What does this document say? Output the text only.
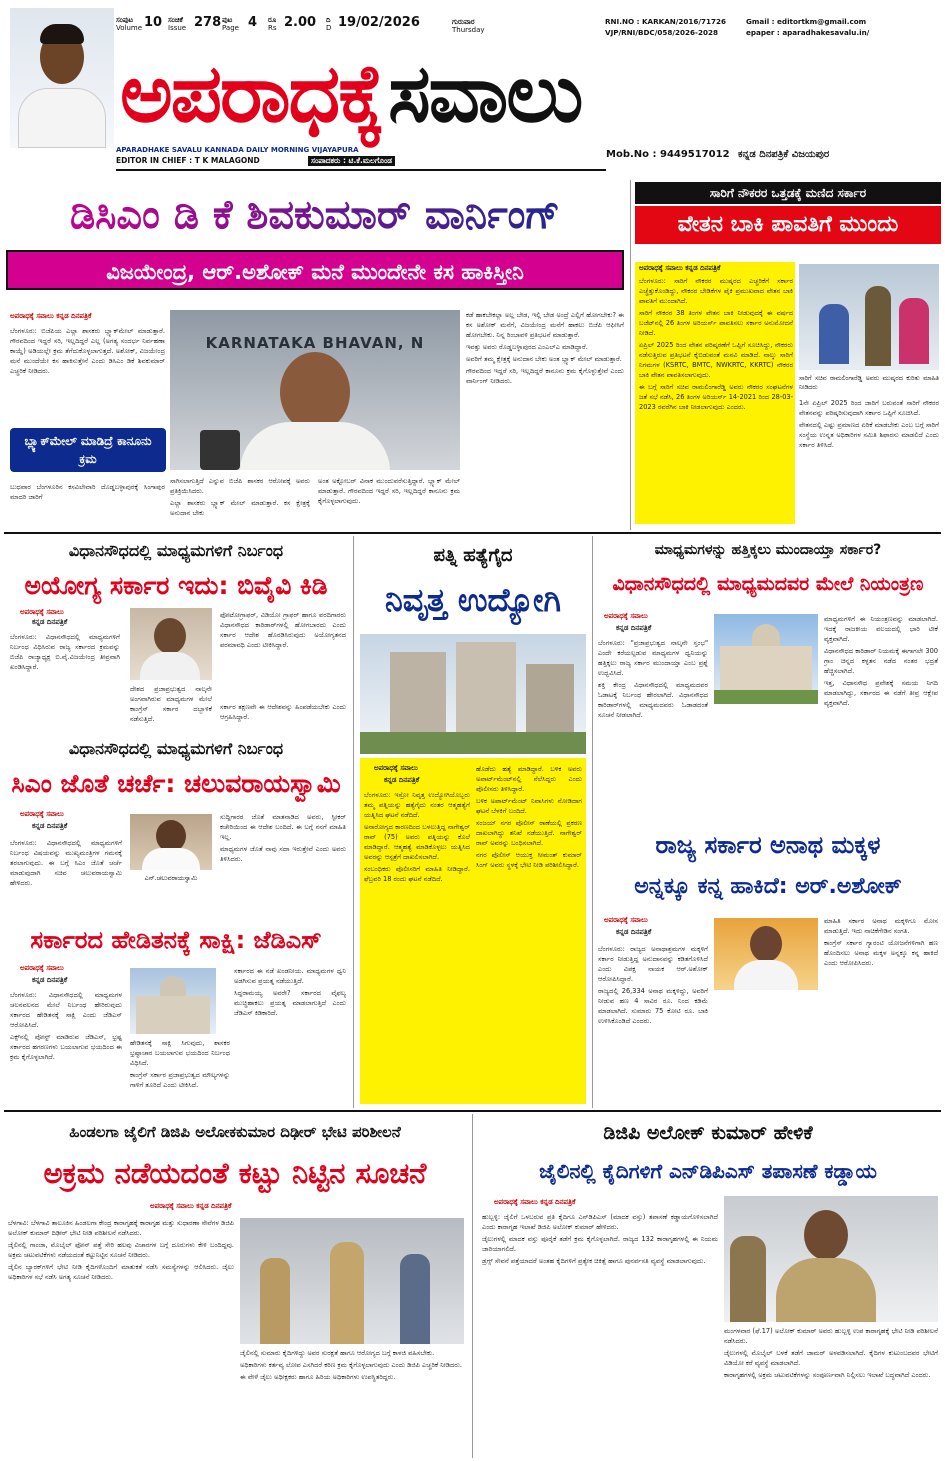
ಸಂಪುಟ
Volume 10 ಸಂಚಿಕೆ
Issue 278 ಪುಟ
Page 4 ರೂ
Rs 2.00 ದಿ
D 19/02/2026	ಗುರುವಾರ
Thursday
ಅಪರಾಧಕ್ಕೆ ಸವಾಲು
RNI.NO : KARKAN/2016/71726
VJP/RNI/BDC/058/2026-2028
Gmail : editortkm@gmail.com
epaper : aparadhakesavalu.in/
APARADHAKE SAVALU KANNADA DAILY MORNING VIJAYAPURA
EDITOR IN CHIEF : T K MALAGOND	ಸಂಪಾದಕರು : ಟಿ.ಕೆ.ಮಲಗೊಂಡ
Mob.No : 9449517012 ಕನ್ನಡ ದಿನಪತ್ರಿಕೆ ವಿಜಯಪುರ
ಡಿಸಿಎಂ ಡಿ ಕೆ ಶಿವಕುಮಾರ್ ವಾರ್ನಿಂಗ್
ವಿಜಯೇಂದ್ರ, ಆರ್.ಅಶೋಕ್ ಮನೆ ಮುಂದೇನೇ ಕಸ ಹಾಕಿಸ್ತೀನಿ
ಅಪರಾಧಕ್ಕೆ ಸವಾಲು ಕನ್ನಡ ದಿನಪತ್ರಿಕೆ

ಬೆಂಗಳೂರು: ಬಿಜೆಪಿಯ ಎಲ್ಲಾ ಶಾಸಕರು ಬ್ಲ್ಯಾಕ್‌ಮೇಲ್ ಮಾಡುತ್ತಾರೆ. ಗೌರವದಿಂದ ಇದ್ದರೆ ಸರಿ, ಇಲ್ಲದಿದ್ದರೆ ಎಲ್ಲ (ಅಗತ್ಯ ಸಂದರ್ಭ ನಿರ್ವಹಣಾ ಕಾಯ್ದೆ) ಅಡಿಯಲ್ಲೇ ಕ್ರಮ ತೆಗೆದುಕೊಳ್ಳಲಾಗುತ್ತದೆ. ಅಶೋಕ್, ವಿಜಯೇಂದ್ರ ಮನೆ ಮುಂದೆಯೇ ಕಸ ಹಾಕಿಸುತ್ತೇನೆ ಎಂದು ಡಿಸಿಎಂ ಡಿಕೆ ಶಿವಕುಮಾರ್ ಎಚ್ಚರಿಕೆ ನೀಡಿದರು.

ಬ್ಲ್ಯಾಕ್‌ಮೇಲ್ ಮಾಡಿದ್ರೆ ಕಾನೂನು ಕ್ರಮ

ಬುಧವಾರ ಬೆಂಗಳೂರಿನ ಕಸವಿಲೇವಾರಿ ದೊಡ್ಡಬಳ್ಳಾಪುರಕ್ಕೆ ಸಿಂಗಾಪುರ ಮಾದರಿ ಜಾರಿಗೆ

KARNATAKA BHAVAN, N

ಸಾಗಿಸಲಾಗುತ್ತಿದೆ ಎನ್ನುವ ಬಿಜೆಪಿ ಶಾಸಕರ ಆರೋಪಕ್ಕೆ ಅವರು ಪ್ರತಿಕ್ರಿಯಿಸಿದರು.

ಎಲ್ಲಾ ಶಾಸಕರು ಬ್ಲ್ಯಾಕ್ ಮೇಲ್ ಮಾಡುತ್ತಾರೆ. ಕಸ ಕ್ಷೇತ್ರಕ್ಕೆ ಅನುದಾನ ಬೇಕು

ಅಂತ ಅಕ್ಟೋಬರ್ ವಿನಾಕ ಮುಂದುವರೆಸುತ್ತಿದ್ದಾರೆ. ಬ್ಲ್ಯಾಕ್ ಮೇಲ್ ಮಾಡುತ್ತಾರೆ. ಗೌರವದಿಂದ ಇದ್ದರೆ ಸರಿ, ಇಲ್ಲದಿದ್ದರೆ ಕಾನೂನು ಕ್ರಮ ಕೈಗೊಳ್ಳಲಾಗುವುದು.

ಕಡೆ ಹಾಕಬೇಕಲ್ಲಾ ಅಲ್ಲ ಬೇಡ, ಇಲ್ಲಿ ಬೇಡ ಅಂದ್ರೆ ಎಲ್ಲಿಗೆ ಹೋಗಬೇಕು? ಈ ಕಸ ಅಶೋಕ್ ಮನೆಗೆ, ವಿಜಯೇಂದ್ರ ಮನೆಗೆ ಹಾಕಲು ಬಿಜೆಪಿ ಆಫೀಸಿಗೆ ಹೋಗಬೇಕು. ನಿನ್ನ ರಿಂಬಾವಳಿ ಪ್ರತಿಭಟನೆ ಮಾಡುತ್ತಾರೆ.

ಇವತ್ತು ಅವರು ರೊಡ್ಡಬಳ್ಳಾಪುರದ ಎಂಎಲ್ಎ ಮಾಡಿದ್ದಾರೆ.

ಅವರಿಗೆ ತಮ್ಮ ಕ್ಷೇತ್ರಕ್ಕೆ ಅನುದಾನ ಬೇಕು ಅಂತ ಬ್ಲ್ಯಾಕ್ ಮೇಲ್ ಮಾಡುತ್ತಾರೆ.

ಗೌರವದಿಂದ ಇದ್ದರೆ ಸರಿ, ಇಲ್ಲದಿದ್ದರೆ ಕಾನೂನು ಕ್ರಮ ಕೈಗೊಳ್ಳುತ್ತೇವೆ ಎಂದು ವಾರ್ನಿಂಗ್ ನೀಡಿದರು.

ಸಾರಿಗೆ ನೌಕರರ ಒತ್ತಡಕ್ಕೆ ಮಣಿದ ಸರ್ಕಾರ
ವೇತನ ಬಾಕಿ ಪಾವತಿಗೆ ಮುಂದು
ಅಪರಾಧಕ್ಕೆ ಸವಾಲು ಕನ್ನಡ ದಿನಪತ್ರಿಕೆ

ಬೆಂಗಳೂರು: ಸಾರಿಗೆ ನೌಕರರ ಮುಷ್ಕರದ ಎಚ್ಚರಿಕೆಗೆ ಸರ್ಕಾರ ಎಚ್ಚೆತ್ತುಕೊಂಡಿದ್ದು, ನೌಕರರ ಬೇಡಿಕೆಗಳ ಪೈಕಿ ಪ್ರಮುಖವಾದ ವೇತನ ಬಾಕಿ ಪಾವತಿಗೆ ಮುಂದಾಗಿದೆ.

ಸಾರಿಗೆ ನೌಕರರ 38 ತಿಂಗಳ ವೇತನ ಬಾಕಿ ನೀಡುವುದಕ್ಕೆ ಈ ವರ್ಷದ ಬಜೆಟ್‌ನಲ್ಲಿ 26 ತಿಂಗಳ ಅರಿಯರ್ಸ್ ಪಾವತಿಸಲು ಸರ್ಕಾರ ಅನುಮೋದನೆ ನೀಡಿದೆ.

ಏಪ್ರಿಲ್ 2025 ರಿಂದ ವೇತನ ಪರಿಷ್ಕರಣೆಗೆ ಒಪ್ಪಿಗೆ ಸೂಚಿಸಿದ್ದು, ನೌಕರರು ನಡೆಸುತ್ತಿರುವ ಪ್ರತಿಭಟನೆ ಕೈಬಿಡುವಂತೆ ಮನವಿ ಮಾಡಿದೆ. ನಾಲ್ಕು ಸಾರಿಗೆ ನಿಗಮಗಳ (KSRTC, BMTC, NWKRTC, KKRTC) ನೌಕರರ ಬಾಕಿ ವೇತನ ಪಾವತಿಸಲಾಗುವುದು.

ಈ ಬಗ್ಗೆ ಸಾರಿಗೆ ಸಚಿವ ರಾಮಲಿಂಗಾರೆಡ್ಡಿ ಅವರು ನೌಕರರ ಸಂಘಟನೆಗಳ ಜತೆ ಸಭೆ ನಡೆಸಿ, 26 ತಿಂಗಳ ಅರಿಯರ್ಸ್ 14-2021 ರಿಂದ 28-03-2023 ರವರೆಗಿನ ಬಾಕಿ ನೀಡಲಾಗುವುದು ಎಂದರು.

ಸಾರಿಗೆ ಸಚಿವ ರಾಮಲಿಂಗಾರೆಡ್ಡಿ ಅವರು ಮುಷ್ಕರದ ಕುರಿತು ಮಾಹಿತಿ ನೀಡಿದರು

1ನೇ ಏಪ್ರಿಲ್ 2025 ರಿಂದ ಜಾರಿಗೆ ಬರುವಂತೆ ಸಾರಿಗೆ ನೌಕರರ ವೇತನವನ್ನು ಪರಿಷ್ಕರಿಸುವುದಾಗಿ ಸರ್ಕಾರ ಒಪ್ಪಿಗೆ ಸೂಚಿಸಿದೆ.

ವೇತನದಲ್ಲಿ ಎಷ್ಟು ಪ್ರಮಾಣದ ಏರಿಕೆ ಮಾಡಬೇಕು ಎಂಬ ಬಗ್ಗೆ ಸಾರಿಗೆ ಸಂಸ್ಥೆಯ ಉನ್ನತ ಅಧಿಕಾರಿಗಳ ಸಮಿತಿ ಶಿಫಾರಸು ಮಾಡಲಿದೆ ಎಂದು ಸರ್ಕಾರ ತಿಳಿಸಿದೆ.

ವಿಧಾನಸೌಧದಲ್ಲಿ ಮಾಧ್ಯಮಗಳಿಗೆ ನಿರ್ಬಂಧ
ಅಯೋಗ್ಯ ಸರ್ಕಾರ ಇದು: ಬಿವೈವಿ ಕಿಡಿ
ಅಪರಾಧಕ್ಕೆ ಸವಾಲು
ಕನ್ನಡ ದಿನಪತ್ರಿಕೆ

ಬೆಂಗಳೂರು: ವಿಧಾನಸೌಧದಲ್ಲಿ ಮಾಧ್ಯಮಗಳಿಗೆ ನಿರ್ಬಂಧ ವಿಧಿಸಿರುವ ರಾಜ್ಯ ಸರ್ಕಾರದ ಕ್ರಮವನ್ನು ಬಿಜೆಪಿ ರಾಜ್ಯಾಧ್ಯಕ್ಷ ಬಿ.ವೈ.ವಿಜಯೇಂದ್ರ ತೀವ್ರವಾಗಿ ಖಂಡಿಸಿದ್ದಾರೆ.

ದೇಶದ ಪ್ರಜಾಪ್ರಭುತ್ವದ ನಾಲ್ಕನೇ ಅಂಗವಾಗಿರುವ ಮಾಧ್ಯಮಗಳ ಮೇಲೆ ಕಾಂಗ್ರೆಸ್ ಸರ್ಕಾರ ದಬ್ಬಾಳಿಕೆ ನಡೆಸುತ್ತಿದೆ.

ಫೋಟೋಗ್ರಾಫರ್, ವಿಡಿಯೋ ಗ್ರಾಫರ್ ಹಾಗೂ ವರದಿಗಾರರು ವಿಧಾನಸೌಧದ ಕಾರಿಡಾರ್‌ಗಳಲ್ಲಿ ಹೋಗಬಾರದು ಎಂದು ಸರ್ಕಾರ ಆದೇಶ ಹೊರಡಿಸಿರುವುದು ಅಯೋಗ್ಯತನದ ಪರಮಾವಧಿ ಎಂದು ಟೀಕಿಸಿದ್ದಾರೆ.

ಸರ್ಕಾರ ತಕ್ಷಣವೇ ಈ ಆದೇಶವನ್ನು ಹಿಂಪಡೆಯಬೇಕು ಎಂದು ಆಗ್ರಹಿಸಿದ್ದಾರೆ.

ವಿಧಾನಸೌಧದಲ್ಲಿ ಮಾಧ್ಯಮಗಳಿಗೆ ನಿರ್ಬಂಧ
ಸಿಎಂ ಜೊತೆ ಚರ್ಚೆ: ಚಲುವರಾಯಸ್ವಾಮಿ
ಅಪರಾಧಕ್ಕೆ ಸವಾಲು
ಕನ್ನಡ ದಿನಪತ್ರಿಕೆ

ಬೆಂಗಳೂರು: ವಿಧಾನಸೌಧದಲ್ಲಿ ಮಾಧ್ಯಮಗಳಿಗೆ ನಿರ್ಬಂಧ ವಿಷಯವನ್ನು ಮುಖ್ಯಮಂತ್ರಿಗಳ ಗಮನಕ್ಕೆ ತರಲಾಗುವುದು. ಈ ಬಗ್ಗೆ ಸಿಎಂ ಜೊತೆ ಚರ್ಚೆ ಮಾಡುವುದಾಗಿ ಸಚಿವ ಚಲುವರಾಯಸ್ವಾಮಿ ಹೇಳಿದರು.

ಎನ್.ಚಲುವರಾಯಸ್ವಾಮಿ

ಸುದ್ದಿಗಾರರ ಜೊತೆ ಮಾತನಾಡಿದ ಅವರು, ಸ್ಪೀಕರ್ ಕಚೇರಿಯಿಂದ ಈ ಆದೇಶ ಬಂದಿದೆ. ಈ ಬಗ್ಗೆ ನನಗೆ ಮಾಹಿತಿ ಇಲ್ಲ.

ಮಾಧ್ಯಮಗಳ ಜೊತೆ ನಾವು ಸದಾ ಇರುತ್ತೇವೆ ಎಂದು ಅವರು ತಿಳಿಸಿದರು.

ಸರ್ಕಾರದ ಹೇಡಿತನಕ್ಕೆ ಸಾಕ್ಷಿ: ಜೆಡಿಎಸ್
ಅಪರಾಧಕ್ಕೆ ಸವಾಲು
ಕನ್ನಡ ದಿನಪತ್ರಿಕೆ

ಬೆಂಗಳೂರು: ವಿಧಾನಸೌಧದಲ್ಲಿ ಮಾಧ್ಯಮಗಳ ಚಲನವಲನದ ಮೇಲೆ ನಿರ್ಬಂಧ ಹೇರಿರುವುದು ಸರ್ಕಾರದ ಹೇಡಿತನಕ್ಕೆ ಸಾಕ್ಷಿ ಎಂದು ಜೆಡಿಎಸ್ ಆರೋಪಿಸಿದೆ.

ಎಕ್ಸ್‌ನಲ್ಲಿ ಪೋಸ್ಟ್ ಮಾಡಿರುವ ಜೆಡಿಎಸ್, ಭ್ರಷ್ಟ ಸರ್ಕಾರದ ಹಗರಣಗಳು ಬಯಲಾಗುವ ಭಯದಿಂದ ಈ ಕ್ರಮ ಕೈಗೊಳ್ಳಲಾಗಿದೆ.

ಹೇಡಿತನಕ್ಕೆ ಸಾಕ್ಷಿ ಸಿಗುವುದು, ಶಾಸಕರ ಭ್ರಷ್ಟಾಚಾರ ಬಯಲಾಗುವ ಭಯದಿಂದ ನಿರ್ಬಂಧ ವಿಧಿಸಿದೆ.

ಕಾಂಗ್ರೆಸ್ ಸರ್ಕಾರ ಪ್ರಜಾಪ್ರಭುತ್ವದ ಮೌಲ್ಯಗಳನ್ನು ಗಾಳಿಗೆ ತೂರಿದೆ ಎಂದು ಟೀಕಿಸಿದೆ.

ಸರ್ಕಾರದ ಈ ನಡೆ ಖಂಡನೀಯ. ಮಾಧ್ಯಮಗಳ ಧ್ವನಿ ಅಡಗಿಸುವ ಪ್ರಯತ್ನ ನಡೆಯುತ್ತಿದೆ.

ಸಿದ್ದರಾಮಯ್ಯ ಅವರೇ? ಸರ್ಕಾರದ ವೈಫಲ್ಯ ಮುಚ್ಚಿಹಾಕಲು ಪ್ರಯತ್ನ ಮಾಡಲಾಗುತ್ತಿದೆ ಎಂದು ಜೆಡಿಎಸ್ ಕಿಡಿಕಾರಿದೆ.

ಪತ್ನಿ ಹತ್ಯೆಗೈದ
ನಿವೃತ್ತ ಉದ್ಯೋಗಿ
ಅಪರಾಧಕ್ಕೆ ಸವಾಲು
ಕನ್ನಡ ದಿನಪತ್ರಿಕೆ

ಬೆಂಗಳೂರು: ಇಸ್ರೋ ನಿವೃತ್ತ ಉದ್ಯೋಗಿಯೊಬ್ಬರು ತಮ್ಮ ಪತ್ನಿಯನ್ನು ಹತ್ಯೆಗೈದು ನಂತರ ಆತ್ಮಹತ್ಯೆಗೆ ಯತ್ನಿಸಿದ ಘಟನೆ ನಡೆದಿದೆ.

ಅನಾರೋಗ್ಯದ ಕಾರಣದಿಂದ ಬಳಲುತ್ತಿದ್ದ ನಾಗೇಶ್ವರ್ ರಾವ್ (75) ಅವರು ಪತ್ನಿಯನ್ನು ಕೊಲೆ ಮಾಡಿದ್ದಾರೆ. ಆತ್ಮಹತ್ಯೆ ಮಾಡಿಕೊಳ್ಳಲು ಯತ್ನಿಸಿದ ಅವರನ್ನು ಆಸ್ಪತ್ರೆಗೆ ದಾಖಲಿಸಲಾಗಿದೆ.

ಸಂಬಂಧಿಕರು ಪೊಲೀಸರಿಗೆ ಮಾಹಿತಿ ನೀಡಿದ್ದಾರೆ. ಫೆಬ್ರವರಿ 18 ರಂದು ಘಟನೆ ನಡೆದಿದೆ.

ಹೊಡೆದು ಹತ್ಯೆ ಮಾಡಿದ್ದಾರೆ. ಬಳಿಕ ಅವರು ಅಪಾರ್ಟ್‌ಮೆಂಟ್‌ನಲ್ಲಿ ನೆಲೆಸಿದ್ದರು ಎಂದು ಪೊಲೀಸರು ತಿಳಿಸಿದ್ದಾರೆ.

ಬಳಿಕ ಅಪಾರ್ಟ್‌ಮೆಂಟ್ ನಿವಾಸಿಗಳು ನೋಡಿದಾಗ ಘಟನೆ ಬೆಳಕಿಗೆ ಬಂದಿದೆ.

ಸಂಜಯ್ ನಗರ ಪೊಲೀಸ್ ಠಾಣೆಯಲ್ಲಿ ಪ್ರಕರಣ ದಾಖಲಾಗಿದ್ದು ತನಿಖೆ ನಡೆಯುತ್ತಿದೆ. ನಾಗೇಶ್ವರ್ ರಾವ್ ಅವರನ್ನು ಬಂಧಿಸಲಾಗಿದೆ.

ನಗರ ಪೊಲೀಸ್ ಆಯುಕ್ತ ಸೀಮಂತ್ ಕುಮಾರ್ ಸಿಂಗ್ ಅವರು ಸ್ಥಳಕ್ಕೆ ಭೇಟಿ ನೀಡಿ ಪರಿಶೀಲಿಸಿದ್ದಾರೆ.

ಮಾಧ್ಯಮಗಳನ್ನು ಹತ್ತಿಕ್ಕಲು ಮುಂದಾಯ್ತಾ ಸರ್ಕಾರ?
ವಿಧಾನಸೌಧದಲ್ಲಿ ಮಾಧ್ಯಮದವರ ಮೇಲೆ ನಿಯಂತ್ರಣ
ಅಪರಾಧಕ್ಕೆ ಸವಾಲು
ಕನ್ನಡ ದಿನಪತ್ರಿಕೆ

ಬೆಂಗಳೂರು: "ಪ್ರಜಾಪ್ರಭುತ್ವದ ನಾಲ್ಕನೇ ಸ್ತಂಭ" ಎಂದೇ ಕರೆಯಲ್ಪಡುವ ಮಾಧ್ಯಮಗಳ ಧ್ವನಿಯನ್ನು ಹತ್ತಿಕ್ಕಲು ರಾಜ್ಯ ಸರ್ಕಾರ ಮುಂದಾಯ್ತಾ ಎಂಬ ಪ್ರಶ್ನೆ ಉದ್ಭವಿಸಿದೆ.

ಶಕ್ತಿ ಕೇಂದ್ರ ವಿಧಾನಸೌಧದಲ್ಲಿ ಮಾಧ್ಯಮದವರ ಓಡಾಟಕ್ಕೆ ನಿರ್ಬಂಧ ಹೇರಲಾಗಿದೆ. ವಿಧಾನಸೌಧದ ಕಾರಿಡಾರ್‌ಗಳಲ್ಲಿ ಮಾಧ್ಯಮದವರು ಓಡಾಡದಂತೆ ಸೂಚನೆ ನೀಡಲಾಗಿದೆ.

ಮಾಧ್ಯಮಗಳಿಗೆ ಈ ನಿಯಂತ್ರಣವನ್ನು ಮಾಡಲಾಗಿದೆ. ಇದಕ್ಕೆ ರಾಜಕೀಯ ವಲಯದಲ್ಲಿ ಭಾರಿ ಟೀಕೆ ವ್ಯಕ್ತವಾಗಿದೆ.

ವಿಧಾನಸೌಧದ ಕಾರಿಡಾರ್ ನಿಯಮಕ್ಕೆ ಈಗಾಗಲೇ 300 ಗ್ರಾಂ ಚಿನ್ನದ ಕಳ್ಳತನ ನಡೆದ ನಂತರ ಭದ್ರತೆ ಹೆಚ್ಚಿಸಲಾಗಿದೆ.

ಇತ್ತ, ವಿಧಾನಸೌಧ ಪ್ರವೇಶಕ್ಕೆ ಸಮಯ ನಿಗದಿ ಮಾಡಲಾಗಿದ್ದು, ಸರ್ಕಾರದ ಈ ನಡೆಗೆ ತೀವ್ರ ಆಕ್ಷೇಪ ವ್ಯಕ್ತವಾಗಿದೆ.

ರಾಜ್ಯ ಸರ್ಕಾರ ಅನಾಥ ಮಕ್ಕಳ
ಅನ್ನಕ್ಕೂ ಕನ್ನ ಹಾಕಿದೆ: ಅರ್.ಅಶೋಕ್
ಅಪರಾಧಕ್ಕೆ ಸವಾಲು
ಕನ್ನಡ ದಿನಪತ್ರಿಕೆ

ಬೆಂಗಳೂರು: ರಾಜ್ಯದ ಅನಾಥಾಶ್ರಮಗಳ ಮಕ್ಕಳಿಗೆ ಸರ್ಕಾರ ನೀಡುತ್ತಿದ್ದ ಅನುದಾನವನ್ನು ಕಡಿತಗೊಳಿಸಿದೆ ಎಂದು ವಿಪಕ್ಷ ನಾಯಕ ಆರ್.ಅಶೋಕ್ ಆರೋಪಿಸಿದ್ದಾರೆ.

ರಾಜ್ಯದಲ್ಲಿ 26,334 ಅನಾಥ ಮಕ್ಕಳಿದ್ದು, ಅವರಿಗೆ ನೀಡುವ ಹಣ 4 ಸಾವಿರ ರೂ. ನಿಂದ ಕಡಿಮೆ ಮಾಡಲಾಗಿದೆ. ಸುಮಾರು 75 ಕೋಟಿ ರೂ. ಬಾಕಿ ಉಳಿಸಿಕೊಂಡಿದೆ ಎಂದರು.

ಮಾಹಿತಿ ಸರ್ಕಾರ ಅನಾಥ ಮಕ್ಕಳಿಗೂ ಮೋಸ ಮಾಡುತ್ತಿದೆ. ಇದು ನಾಚಿಕೆಗೇಡಿನ ಸಂಗತಿ.

ಕಾಂಗ್ರೆಸ್ ಸರ್ಕಾರ ಗ್ಯಾರಂಟಿ ಯೋಜನೆಗಳಿಗಾಗಿ ಹಣ ಹೊಂದಿಸಲು ಅನಾಥ ಮಕ್ಕಳ ಅನ್ನಕ್ಕೂ ಕನ್ನ ಹಾಕಿದೆ ಎಂದು ಆರೋಪಿಸಿದರು.

ಹಿಂಡಲಗಾ ಜೈಲಿಗೆ ಡಿಜಿಪಿ ಅಲೋಕಕುಮಾರ ದಿಢೀರ್ ಭೇಟಿ ಪರಿಶೀಲನೆ
ಅಕ್ರಮ ನಡೆಯದಂತೆ ಕಟ್ಟು ನಿಟ್ಟಿನ ಸೂಚನೆ
ಅಪರಾಧಕ್ಕೆ ಸವಾಲು ಕನ್ನಡ ದಿನಪತ್ರಿಕೆ

ಬೆಳಗಾವಿ: ಬೆಳಗಾವಿ ತಾಲೂಕಿನ ಹಿಂಡಲಗಾ ಕೇಂದ್ರ ಕಾರಾಗೃಹಕ್ಕೆ ಕಾರಾಗೃಹ ಮತ್ತು ಸುಧಾರಣಾ ಸೇವೆಗಳ ಡಿಜಿಪಿ ಅಲೋಕ್ ಕುಮಾರ್ ದಿಢೀರ್ ಭೇಟಿ ನೀಡಿ ಪರಿಶೀಲನೆ ನಡೆಸಿದರು.

ಜೈಲಿನಲ್ಲಿ ಗಾಂಜಾ, ಮೊಬೈಲ್ ಫೋನ್ ಪತ್ತೆ ಸೇರಿ ಹಲವು ವಿಚಾರಗಳ ಬಗ್ಗೆ ದೂರುಗಳು ಕೇಳಿ ಬಂದಿದ್ದವು. ಅಕ್ರಮ ಚಟುವಟಿಕೆಗಳು ನಡೆಯದಂತೆ ಕಟ್ಟುನಿಟ್ಟಿನ ಸೂಚನೆ ನೀಡಿದರು.

ಜೈಲಿನ ಬ್ಯಾರಕ್‌ಗಳಿಗೆ ಭೇಟಿ ನೀಡಿ ಕೈದಿಗಳೊಂದಿಗೆ ಮಾತುಕತೆ ನಡೆಸಿ ಸಮಸ್ಯೆಗಳನ್ನು ಆಲಿಸಿದರು. ಜೈಲು ಅಧಿಕಾರಿಗಳ ಸಭೆ ನಡೆಸಿ ಅಗತ್ಯ ಸೂಚನೆ ನೀಡಿದರು.

ಜೈಲಿನಲ್ಲಿ ಸುಮಾರು ಕೈದಿಗಳಿದ್ದು ಅವರ ಸುರಕ್ಷತೆ ಹಾಗೂ ಆರೋಗ್ಯದ ಬಗ್ಗೆ ಕಾಳಜಿ ವಹಿಸಬೇಕು.

ಅಧಿಕಾರಿಗಳು ಕರ್ತವ್ಯ ಲೋಪ ಎಸಗಿದರೆ ಕಠಿಣ ಕ್ರಮ ಕೈಗೊಳ್ಳಲಾಗುವುದು ಎಂದು ಡಿಜಿಪಿ ಎಚ್ಚರಿಕೆ ನೀಡಿದರು.

ಈ ವೇಳೆ ಜೈಲು ಅಧೀಕ್ಷಕರು ಹಾಗೂ ಹಿರಿಯ ಅಧಿಕಾರಿಗಳು ಉಪಸ್ಥಿತರಿದ್ದರು.

ಡಿಜಿಪಿ ಅಲೋಕ್ ಕುಮಾರ್ ಹೇಳಿಕೆ
ಜೈಲಿನಲ್ಲಿ ಕೈದಿಗಳಿಗೆ ಎನ್‌ಡಿಪಿಎಸ್ ತಪಾಸಣೆ ಕಡ್ಡಾಯ
ಅಪರಾಧಕ್ಕೆ ಸವಾಲು ಕನ್ನಡ ದಿನಪತ್ರಿಕೆ

ಹುಬ್ಬಳ್ಳಿ: ಜೈಲಿಗೆ ಒಳಬರುವ ಪ್ರತಿ ಕೈದಿಗೂ ಎನ್‌ಡಿಪಿಎಸ್ (ಮಾದಕ ವಸ್ತು) ತಪಾಸಣೆ ಕಡ್ಡಾಯಗೊಳಿಸಲಾಗಿದೆ ಎಂದು ಕಾರಾಗೃಹ ಇಲಾಖೆ ಡಿಜಿಪಿ ಅಲೋಕ್ ಕುಮಾರ್ ಹೇಳಿದರು.

ಜೈಲುಗಳಲ್ಲಿ ಮಾದಕ ವಸ್ತು ಪೂರೈಕೆ ತಡೆಗೆ ಕ್ರಮ ಕೈಗೊಳ್ಳಲಾಗಿದೆ. ರಾಜ್ಯದ 132 ಕಾರಾಗೃಹಗಳಲ್ಲಿ ಈ ನಿಯಮ ಜಾರಿಯಾಗಲಿದೆ.

ಡ್ರಗ್ಸ್ ಸೇವನೆ ಪತ್ತೆಯಾದರೆ ಅಂತಹ ಕೈದಿಗಳಿಗೆ ಪ್ರತ್ಯೇಕ ಚಿಕಿತ್ಸೆ ಹಾಗೂ ಪುನರ್ವಸತಿ ವ್ಯವಸ್ಥೆ ಮಾಡಲಾಗುವುದು.

ಮಂಗಳವಾರ (ಫೆ.17) ಅಲೋಕ್ ಕುಮಾರ್ ಅವರು ಹುಬ್ಬಳ್ಳಿ ಉಪ ಕಾರಾಗೃಹಕ್ಕೆ ಭೇಟಿ ನೀಡಿ ಪರಿಶೀಲನೆ ನಡೆಸಿದರು.

ಜೈಲುಗಳಲ್ಲಿ ಮೊಬೈಲ್ ಬಳಕೆ ತಡೆಗೆ ಜಾಮರ್ ಅಳವಡಿಸಲಾಗಿದೆ. ಕೈದಿಗಳ ಕುಟುಂಬದವರ ಭೇಟಿಗೆ ವಿಡಿಯೋ ಕರೆ ವ್ಯವಸ್ಥೆ ಮಾಡಲಾಗಿದೆ.

ಕಾರಾಗೃಹಗಳಲ್ಲಿ ಅಕ್ರಮ ಚಟುವಟಿಕೆಗಳನ್ನು ಸಂಪೂರ್ಣವಾಗಿ ನಿಲ್ಲಿಸಲು ಇಲಾಖೆ ಬದ್ಧವಾಗಿದೆ ಎಂದರು.
